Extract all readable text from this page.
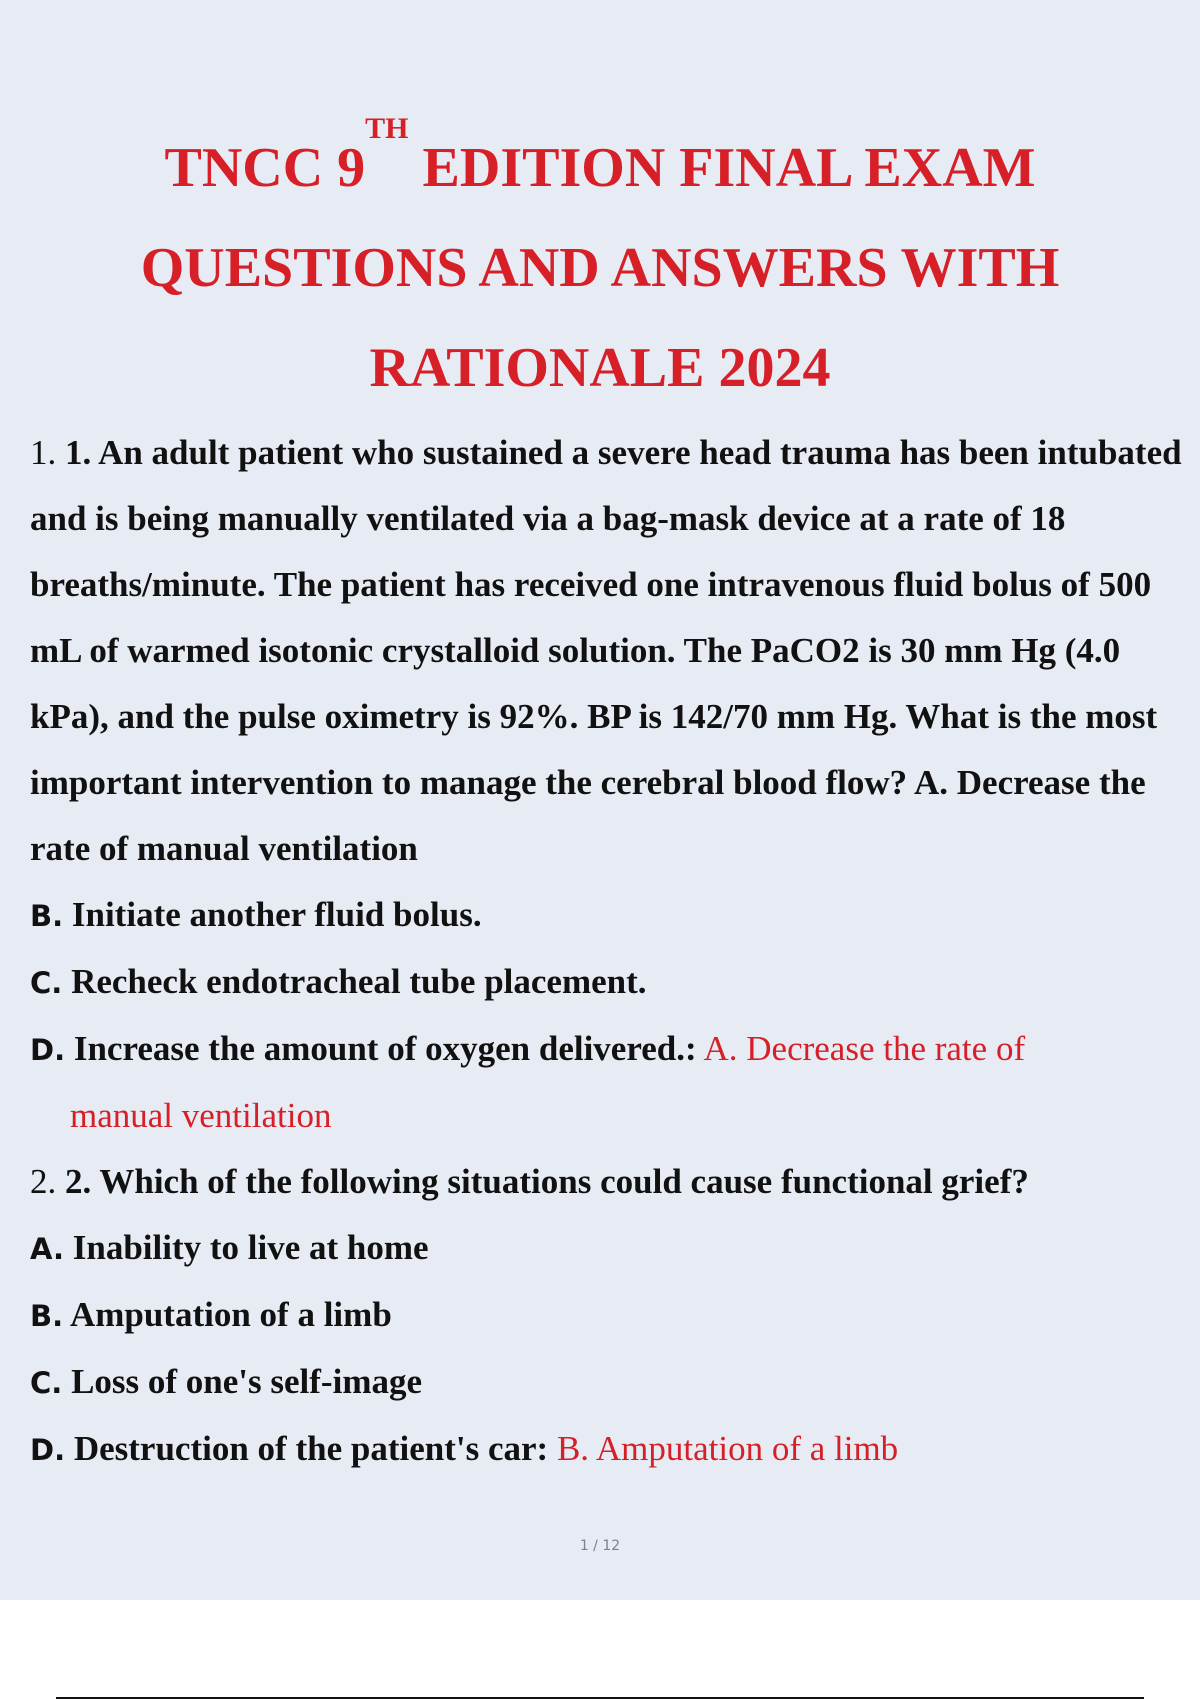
TNCC 9TH EDITION FINAL EXAM
QUESTIONS AND ANSWERS WITH
RATIONALE 2024

1. 1. An adult patient who sustained a severe head trauma has been intubated and is being manually ventilated via a bag-mask device at a rate of 18 breaths/minute. The patient has received one intravenous fluid bolus of 500 mL of warmed isotonic crystalloid solution. The PaCO2 is 30 mm Hg (4.0 kPa), and the pulse oximetry is 92%. BP is 142/70 mm Hg. What is the most important intervention to manage the cerebral blood flow? A. Decrease the rate of manual ventilation

B. Initiate another fluid bolus.
C. Recheck endotracheal tube placement.
D. Increase the amount of oxygen delivered.: A. Decrease the rate of
manual ventilation

2. 2. Which of the following situations could cause functional grief?

A. Inability to live at home
B. Amputation of a limb
C. Loss of one's self-image
D. Destruction of the patient's car: B. Amputation of a limb
1 / 12
